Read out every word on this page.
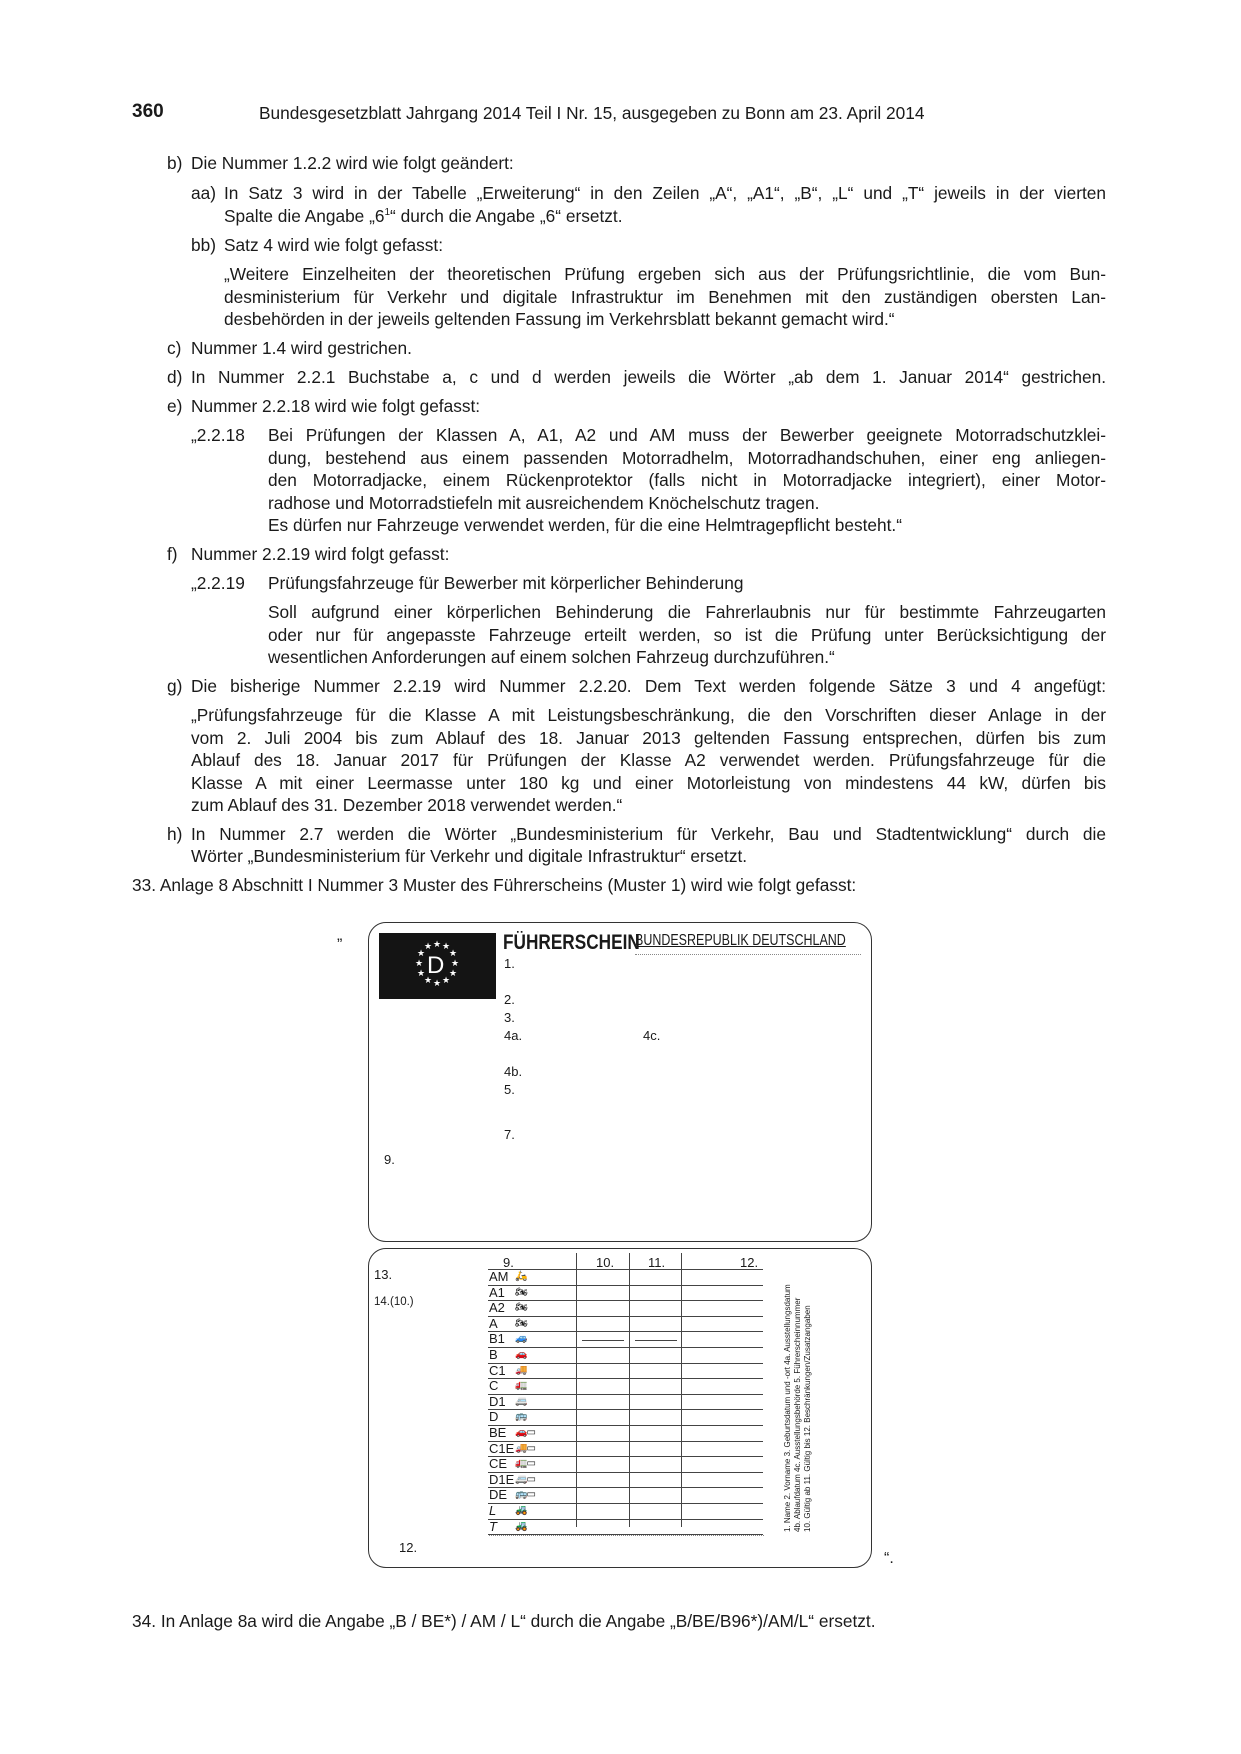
360	Bundesgesetzblatt Jahrgang 2014 Teil I Nr. 15, ausgegeben zu Bonn am 23. April 2014
b) Die Nummer 1.2.2 wird wie folgt geändert:
aa) In Satz 3 wird in der Tabelle „Erweiterung“ in den Zeilen „A“, „A1“, „B“, „L“ und „T“ jeweils in der vierten
Spalte die Angabe $„6^1“$ durch die Angabe „6“ ersetzt.
bb) Satz 4 wird wie folgt gefasst:
„Weitere Einzelheiten der theoretischen Prüfung ergeben sich aus der Prüfungsrichtlinie, die vom Bun-
desministerium für Verkehr und digitale Infrastruktur im Benehmen mit den zuständigen obersten Lan-
desbehörden in der jeweils geltenden Fassung im Verkehrsblatt bekannt gemacht wird.“
c) Nummer 1.4 wird gestrichen.
d) In Nummer 2.2.1 Buchstabe a, c und d werden jeweils die Wörter „ab dem 1. Januar 2014“ gestrichen.
e) Nummer 2.2.18 wird wie folgt gefasst:
„2.2.18 Bei Prüfungen der Klassen A, A1, A2 und AM muss der Bewerber geeignete Motorradschutzklei-
dung, bestehend aus einem passenden Motorradhelm, Motorradhandschuhen, einer eng anliegen-
den Motorradjacke, einem Rückenprotektor (falls nicht in Motorradjacke integriert), einer Motor-
radhose und Motorradstiefeln mit ausreichendem Knöchelschutz tragen.
Es dürfen nur Fahrzeuge verwendet werden, für die eine Helmtragepflicht besteht.“
f) Nummer 2.2.19 wird folgt gefasst:
„2.2.19 Prüfungsfahrzeuge für Bewerber mit körperlicher Behinderung
Soll aufgrund einer körperlichen Behinderung die Fahrerlaubnis nur für bestimmte Fahrzeugarten
oder nur für angepasste Fahrzeuge erteilt werden, so ist die Prüfung unter Berücksichtigung der
wesentlichen Anforderungen auf einem solchen Fahrzeug durchzuführen.“
g) Die bisherige Nummer 2.2.19 wird Nummer 2.2.20. Dem Text werden folgende Sätze 3 und 4 angefügt:
„Prüfungsfahrzeuge für die Klasse A mit Leistungsbeschränkung, die den Vorschriften dieser Anlage in der
vom 2. Juli 2004 bis zum Ablauf des 18. Januar 2013 geltenden Fassung entsprechen, dürfen bis zum
Ablauf des 18. Januar 2017 für Prüfungen der Klasse A2 verwendet werden. Prüfungsfahrzeuge für die
Klasse A mit einer Leermasse unter 180 kg und einer Motorleistung von mindestens 44 kW, dürfen bis
zum Ablauf des 31. Dezember 2018 verwendet werden.“
h) In Nummer 2.7 werden die Wörter „Bundesministerium für Verkehr, Bau und Stadtentwicklung“ durch die
Wörter „Bundesministerium für Verkehr und digitale Infrastruktur“ ersetzt.
33. Anlage 8 Abschnitt I Nummer 3 Muster des Führerscheins (Muster 1) wird wie folgt gefasst:
„
★ ★
★
★
★
★
★
★
★
★
★
★
D
FÜHRERSCHEIN
BUNDESREPUBLIK DEUTSCHLAND
1.
2.
3.
4a.	4c.
4b.
5.
7.
9.
13.
14.(10.)
12.
9.	10.	11.	12.
AM 🛵
A1 🏍
A2 🏍
A 🏍
B1 🚙
B 🚗
C1 🚚
C 🚛
D1 🚐
D 🚌
BE 🚗▭
C1E 🚚▭
CE 🚛▭
D1E 🚐▭
DE 🚌▭
L 🚜
T 🚜	1. Name 2. Vorname 3. Geburtsdatum und -ort 4a. Ausstellungsdatum 4b. Ablaufdatum 4c. Ausstellungsbehörde 5. Führerscheinnummer 10. Gültig ab 11. Gültig bis 12. Beschränkungen/Zusatzangaben
“.
34. In Anlage 8a wird die Angabe „B / BE*) / AM / L“ durch die Angabe „B/BE/B96*)/AM/L“ ersetzt.
